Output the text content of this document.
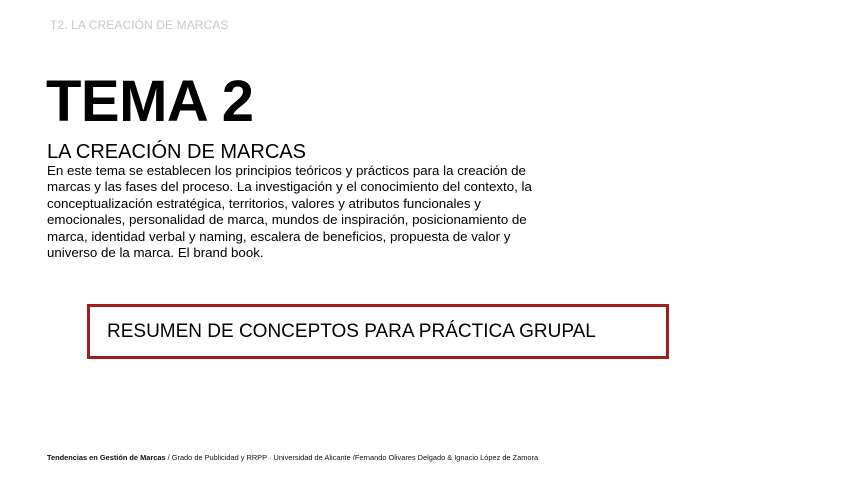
T2. LA CREACIÓN DE MARCAS
TEMA 2
LA CREACIÓN DE MARCAS
En este tema se establecen los principios teóricos y prácticos para la creación de marcas y las fases del proceso. La investigación y el conocimiento del contexto, la conceptualización estratégica, territorios, valores y atributos funcionales y emocionales, personalidad de marca, mundos de inspiración, posicionamiento de marca, identidad verbal y naming, escalera de beneficios, propuesta de valor y universo de la marca. El brand book.
RESUMEN DE CONCEPTOS PARA PRÁCTICA GRUPAL
Tendencias en Gestión de Marcas / Grado de Publicidad y RRPP · Universidad de Alicante /Fernando Olivares Delgado & Ignacio López de Zamora
